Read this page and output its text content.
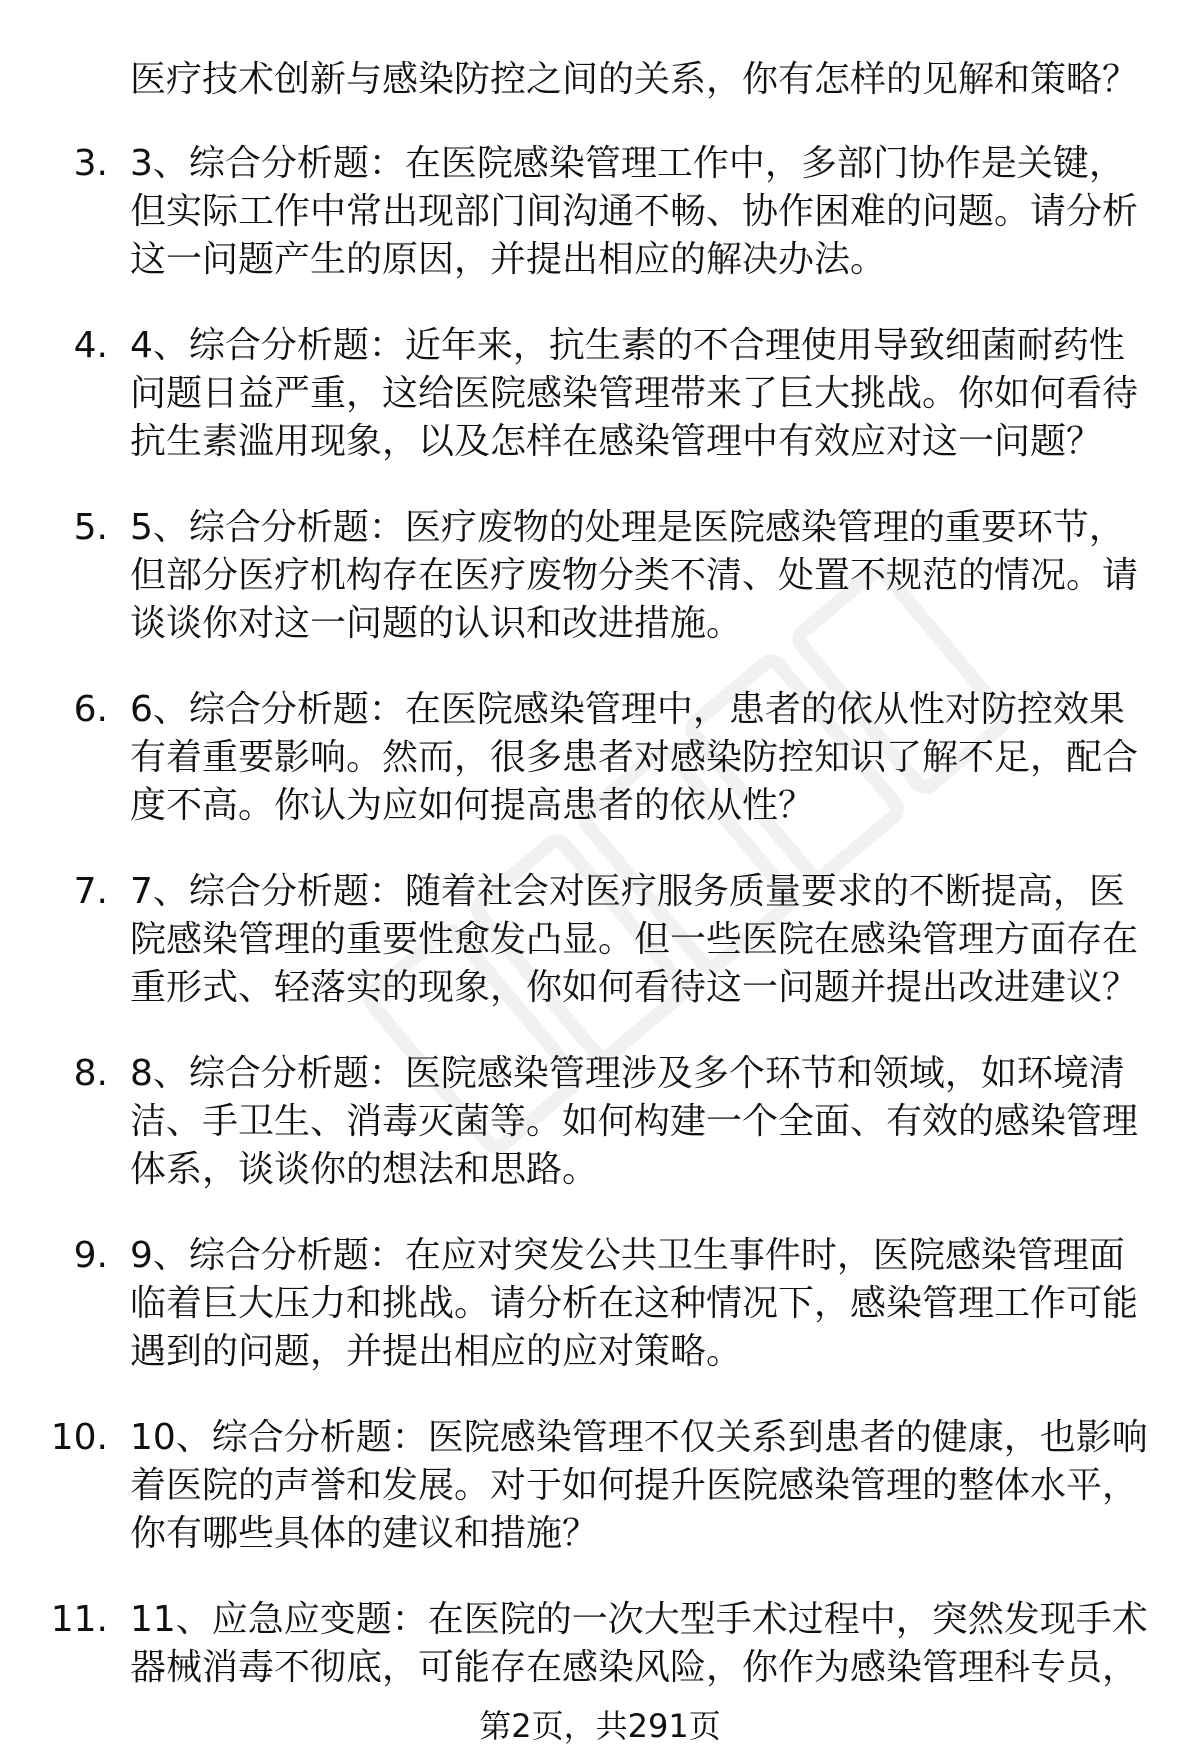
医疗技术创新与感染防控之间的关系，你有怎样的见解和策略？

3. 3、综合分析题：在医院感染管理工作中，多部门协作是关键，但实际工作中常出现部门间沟通不畅、协作困难的问题。请分析这一问题产生的原因，并提出相应的解决办法。
4. 4、综合分析题：近年来，抗生素的不合理使用导致细菌耐药性问题日益严重，这给医院感染管理带来了巨大挑战。你如何看待抗生素滥用现象，以及怎样在感染管理中有效应对这一问题？
5. 5、综合分析题：医疗废物的处理是医院感染管理的重要环节，但部分医疗机构存在医疗废物分类不清、处置不规范的情况。请谈谈你对这一问题的认识和改进措施。
6. 6、综合分析题：在医院感染管理中，患者的依从性对防控效果有着重要影响。然而，很多患者对感染防控知识了解不足，配合度不高。你认为应如何提高患者的依从性？
7. 7、综合分析题：随着社会对医疗服务质量要求的不断提高，医院感染管理的重要性愈发凸显。但一些医院在感染管理方面存在重形式、轻落实的现象，你如何看待这一问题并提出改进建议？
8. 8、综合分析题：医院感染管理涉及多个环节和领域，如环境清洁、手卫生、消毒灭菌等。如何构建一个全面、有效的感染管理体系，谈谈你的想法和思路。
9. 9、综合分析题：在应对突发公共卫生事件时，医院感染管理面临着巨大压力和挑战。请分析在这种情况下，感染管理工作可能遇到的问题，并提出相应的应对策略。
10. 10、综合分析题：医院感染管理不仅关系到患者的健康，也影响着医院的声誉和发展。对于如何提升医院感染管理的整体水平，你有哪些具体的建议和措施？
11. 11、应急应变题：在医院的一次大型手术过程中，突然发现手术器械消毒不彻底，可能存在感染风险，你作为感染管理科专员，
第2页，共291页
